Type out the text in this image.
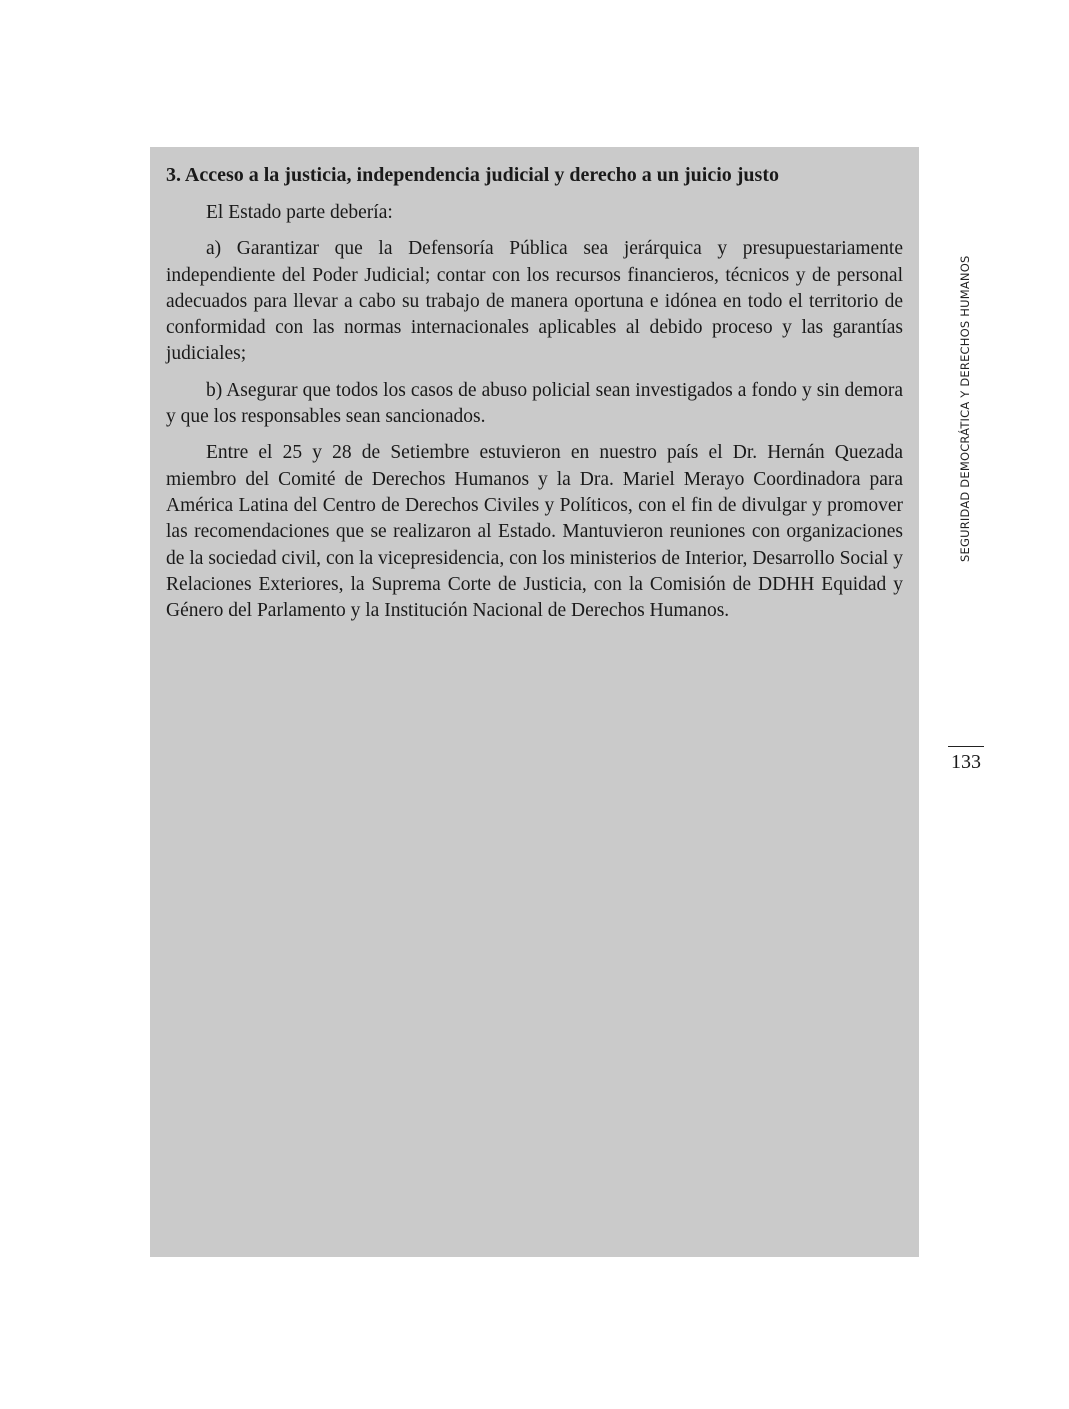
3. Acceso a la justicia, independencia judicial y derecho a un juicio justo

El Estado parte debería:

a) Garantizar que la Defensoría Pública sea jerárquica y presupuestariamente independiente del Poder Judicial; contar con los recursos financieros, técnicos y de personal adecuados para llevar a cabo su trabajo de manera oportuna e idónea en todo el territorio de conformidad con las normas internacionales aplicables al debido proceso y las garantías judiciales;

b) Asegurar que todos los casos de abuso policial sean investigados a fondo y sin demora y que los responsables sean sancionados.

Entre el 25 y 28 de Setiembre estuvieron en nuestro país el Dr. Hernán Quezada miembro del Comité de Derechos Humanos y la Dra. Mariel Merayo Coordinadora para América Latina del Centro de Derechos Civiles y Políticos, con el fin de divulgar y promover las recomendaciones que se realizaron al Estado. Mantuvieron reuniones con organizaciones de la sociedad civil, con la vicepresidencia, con los ministerios de Interior, Desarrollo Social y Relaciones Exteriores, la Suprema Corte de Justicia, con la Comisión de DDHH Equidad y Género del Parlamento y la Institución Nacional de Derechos Humanos.

SEGURIDAD DEMOCRÁTICA Y DERECHOS HUMANOS
133
